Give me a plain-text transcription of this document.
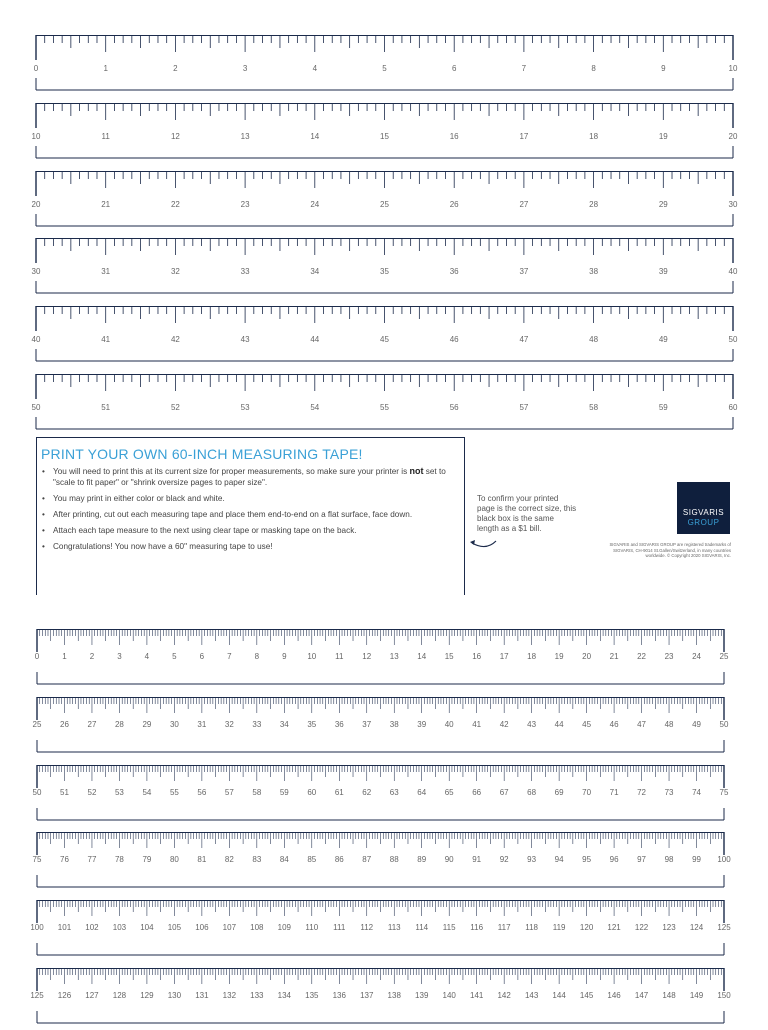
0	1	2	3	4	5	6	7	8	9	10
10	11	12	13	14	15	16	17	18	19	20
20	21	22	23	24	25	26	27	28	29	30
30	31	32	33	34	35	36	37	38	39	40
40	41	42	43	44	45	46	47	48	49	50
50	51	52	53	54	55	56	57	58	59	60
0	1	2	3	4	5	6	7	8	9	10 11 12 13 14 15 16 17 18 19 20 21 22 23 24 25
25 26 27 28 29 30 31 32 33 34 35 36 37 38 39 40 41 42 43 44 45 46 47 48 49 50
50 51 52 53 54 55 56 57 58 59 60 61 62 63 64 65 66 67 68 69 70 71 72 73 74 75
75 76 77 78 79 80 81 82 83 84 85 86 87 88 89 90 91 92 93 94 95 96 97 98 99 100
100 101 102 103 104 105 106 107 108 109 110 111 112 113 114 115 116 117 118 119 120 121 122 123 124 125
125 126 127 128 129 130 131 132 133 134 135 136 137 138 139 140 141 142 143 144 145 146 147 148 149 150
PRINT YOUR OWN 60-INCH MEASURING TAPE!
• You will need to print this at its current size for proper measurements, so make sure your printer is not set to "scale to fit paper" or "shrink oversize pages to paper size".
• You may print in either color or black and white.
• After printing, cut out each measuring tape and place them end-to-end on a flat surface, face down.
• Attach each tape measure to the next using clear tape or masking tape on the back.
• Congratulations! You now have a 60" measuring tape to use!
To confirm your printed page is the correct size, this black box is the same length as a $1 bill.
SIGVARIS
GROUP
SIGVARIS and SIGVARIS GROUP are registered trademarks of SIGVARIS, CH-9014 St.Gallen/Switzerland, in many countries worldwide. © Copyright 2020 SIGVARIS, Inc.
